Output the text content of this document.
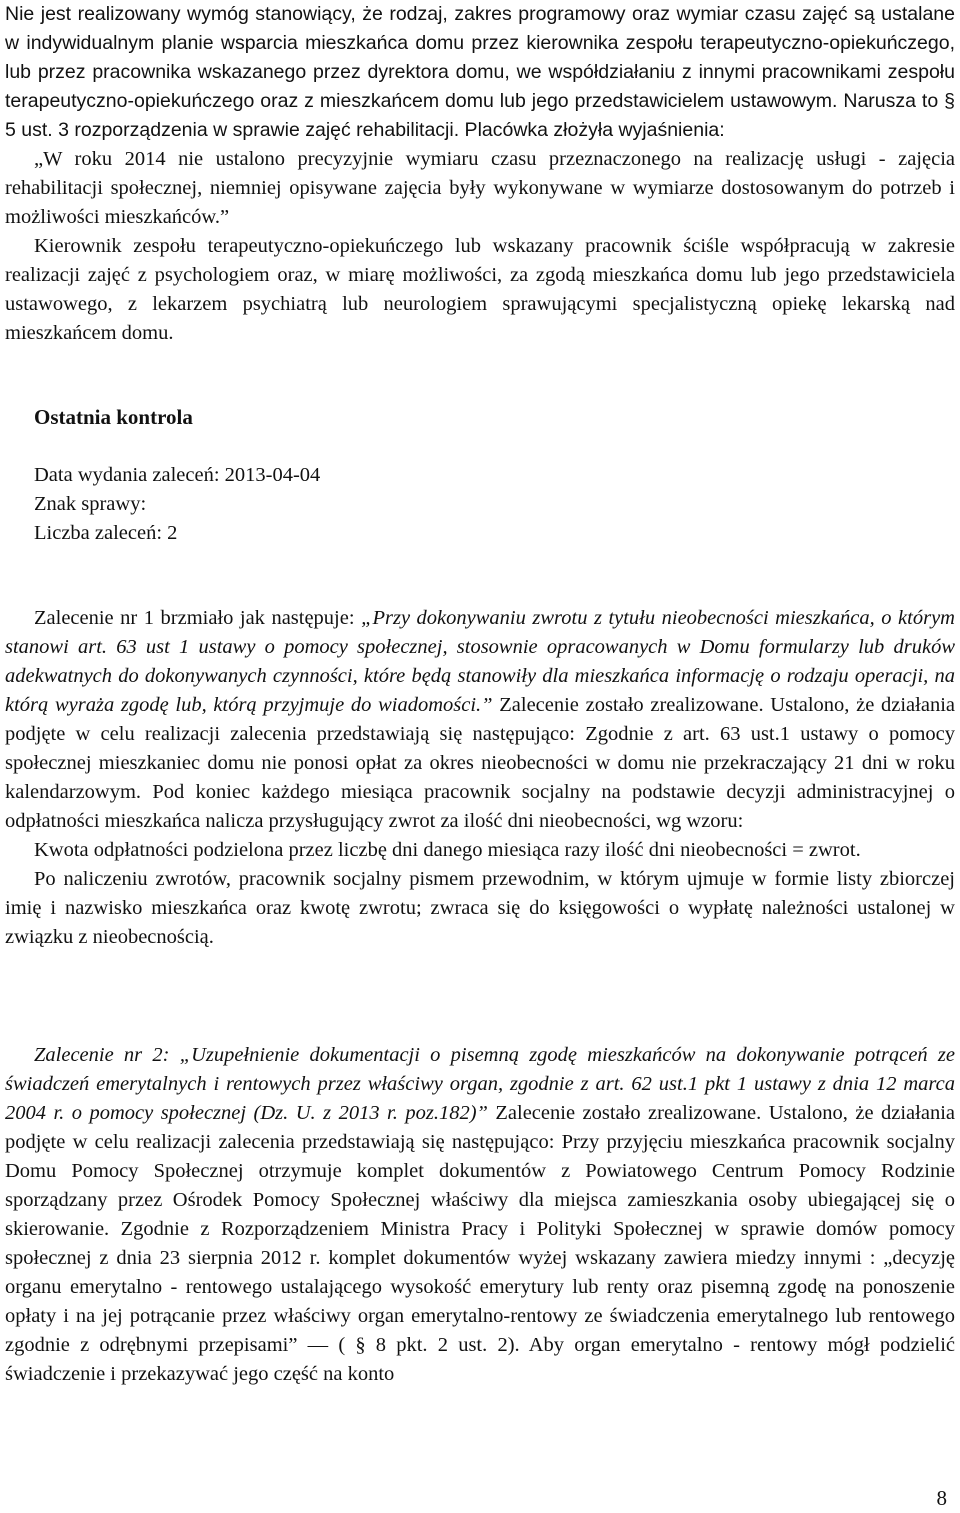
Nie jest realizowany wymóg stanowiący, że rodzaj, zakres programowy oraz wymiar czasu zajęć są ustalane w indywidualnym planie wsparcia mieszkańca domu przez kierownika zespołu terapeutyczno-opiekuńczego, lub przez pracownika wskazanego przez dyrektora domu, we współdziałaniu z innymi pracownikami zespołu terapeutyczno-opiekuńczego oraz z mieszkańcem domu lub jego przedstawicielem ustawowym. Narusza to § 5 ust. 3 rozporządzenia w sprawie zajęć rehabilitacji. Placówka złożyła wyjaśnienia:

„W roku 2014 nie ustalono precyzyjnie wymiaru czasu przeznaczonego na realizację usługi - zajęcia rehabilitacji społecznej, niemniej opisywane zajęcia były wykonywane w wymiarze dostosowanym do potrzeb i możliwości mieszkańców.”

Kierownik zespołu terapeutyczno-opiekuńczego lub wskazany pracownik ściśle współpracują w zakresie realizacji zajęć z psychologiem oraz, w miarę możliwości, za zgodą mieszkańca domu lub jego przedstawiciela ustawowego, z lekarzem psychiatrą lub neurologiem sprawującymi specjalistyczną opiekę lekarską nad mieszkańcem domu.

Ostatnia kontrola

Data wydania zaleceń: 2013-04-04

Znak sprawy:

Liczba zaleceń: 2

Zalecenie nr 1 brzmiało jak następuje: „Przy dokonywaniu zwrotu z tytułu nieobecności mieszkańca, o którym stanowi art. 63 ust 1 ustawy o pomocy społecznej, stosownie opracowanych w Domu formularzy lub druków adekwatnych do dokonywanych czynności, które będą stanowiły dla mieszkańca informację o rodzaju operacji, na którą wyraża zgodę lub, którą przyjmuje do wiadomości.” Zalecenie zostało zrealizowane. Ustalono, że działania podjęte w celu realizacji zalecenia przedstawiają się następująco: Zgodnie z art. 63 ust.1 ustawy o pomocy społecznej mieszkaniec domu nie ponosi opłat za okres nieobecności w domu nie przekraczający 21 dni w roku kalendarzowym. Pod koniec każdego miesiąca pracownik socjalny na podstawie decyzji administracyjnej o odpłatności mieszkańca nalicza przysługujący zwrot za ilość dni nieobecności, wg wzoru:

Kwota odpłatności podzielona przez liczbę dni danego miesiąca razy ilość dni nieobecności = zwrot.

Po naliczeniu zwrotów, pracownik socjalny pismem przewodnim, w którym ujmuje w formie listy zbiorczej imię i nazwisko mieszkańca oraz kwotę zwrotu; zwraca się do księgowości o wypłatę należności ustalonej w związku z nieobecnością.

Zalecenie nr 2: „Uzupełnienie dokumentacji o pisemną zgodę mieszkańców na dokonywanie potrąceń ze świadczeń emerytalnych i rentowych przez właściwy organ, zgodnie z art. 62 ust.1 pkt 1 ustawy z dnia 12 marca 2004 r. o pomocy społecznej (Dz. U. z 2013 r. poz.182)” Zalecenie zostało zrealizowane. Ustalono, że działania podjęte w celu realizacji zalecenia przedstawiają się następująco: Przy przyjęciu mieszkańca pracownik socjalny Domu Pomocy Społecznej otrzymuje komplet dokumentów z Powiatowego Centrum Pomocy Rodzinie sporządzany przez Ośrodek Pomocy Społecznej właściwy dla miejsca zamieszkania osoby ubiegającej się o skierowanie. Zgodnie z Rozporządzeniem Ministra Pracy i Polityki Społecznej w sprawie domów pomocy społecznej z dnia 23 sierpnia 2012 r. komplet dokumentów wyżej wskazany zawiera miedzy innymi : „decyzję organu emerytalno - rentowego ustalającego wysokość emerytury lub renty oraz pisemną zgodę na ponoszenie opłaty i na jej potrącanie przez właściwy organ emerytalno-rentowy ze świadczenia emerytalnego lub rentowego zgodnie z odrębnymi przepisami” — ( § 8 pkt. 2 ust. 2). Aby organ emerytalno - rentowy mógł podzielić świadczenie i przekazywać jego część na konto

8
